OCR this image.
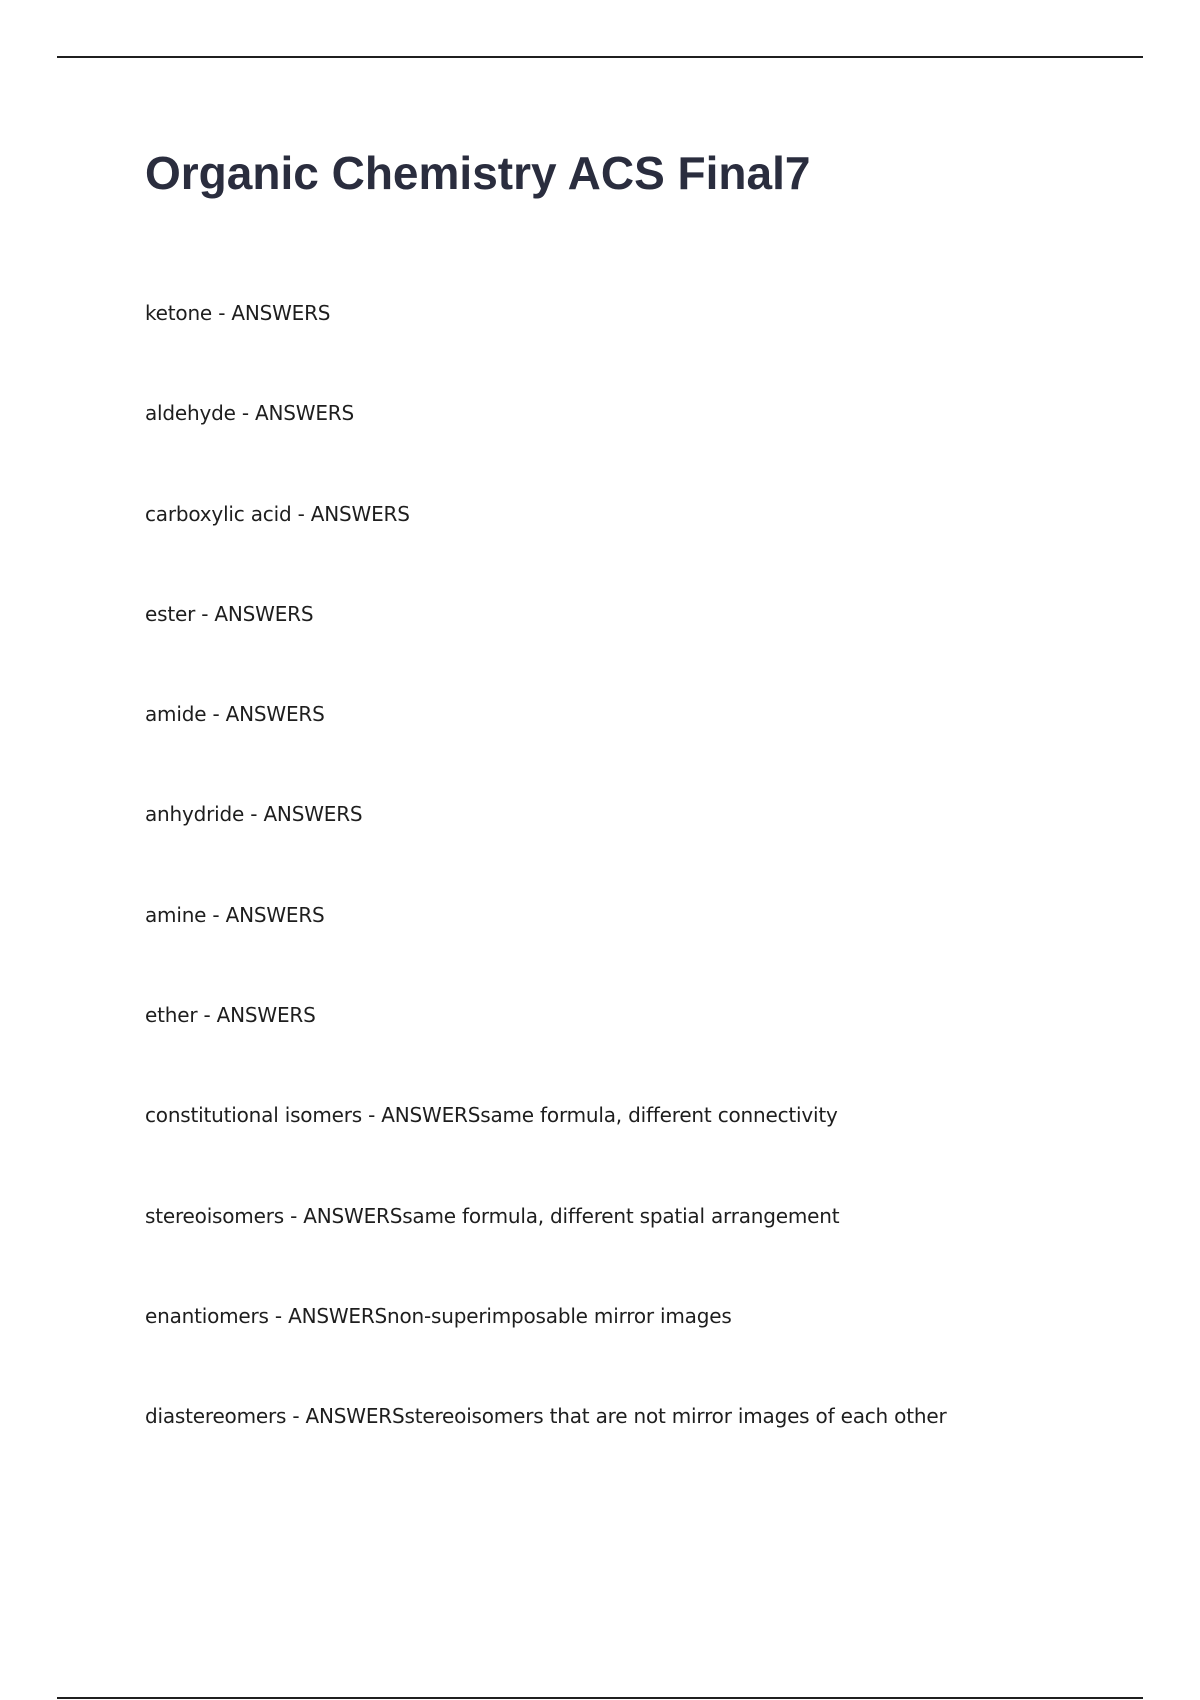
Organic Chemistry ACS Final7
ketone - ANSWERS
aldehyde - ANSWERS
carboxylic acid - ANSWERS
ester - ANSWERS
amide - ANSWERS
anhydride - ANSWERS
amine - ANSWERS
ether - ANSWERS
constitutional isomers - ANSWERSsame formula, different connectivity
stereoisomers - ANSWERSsame formula, different spatial arrangement
enantiomers - ANSWERSnon-superimposable mirror images
diastereomers - ANSWERSstereoisomers that are not mirror images of each other
